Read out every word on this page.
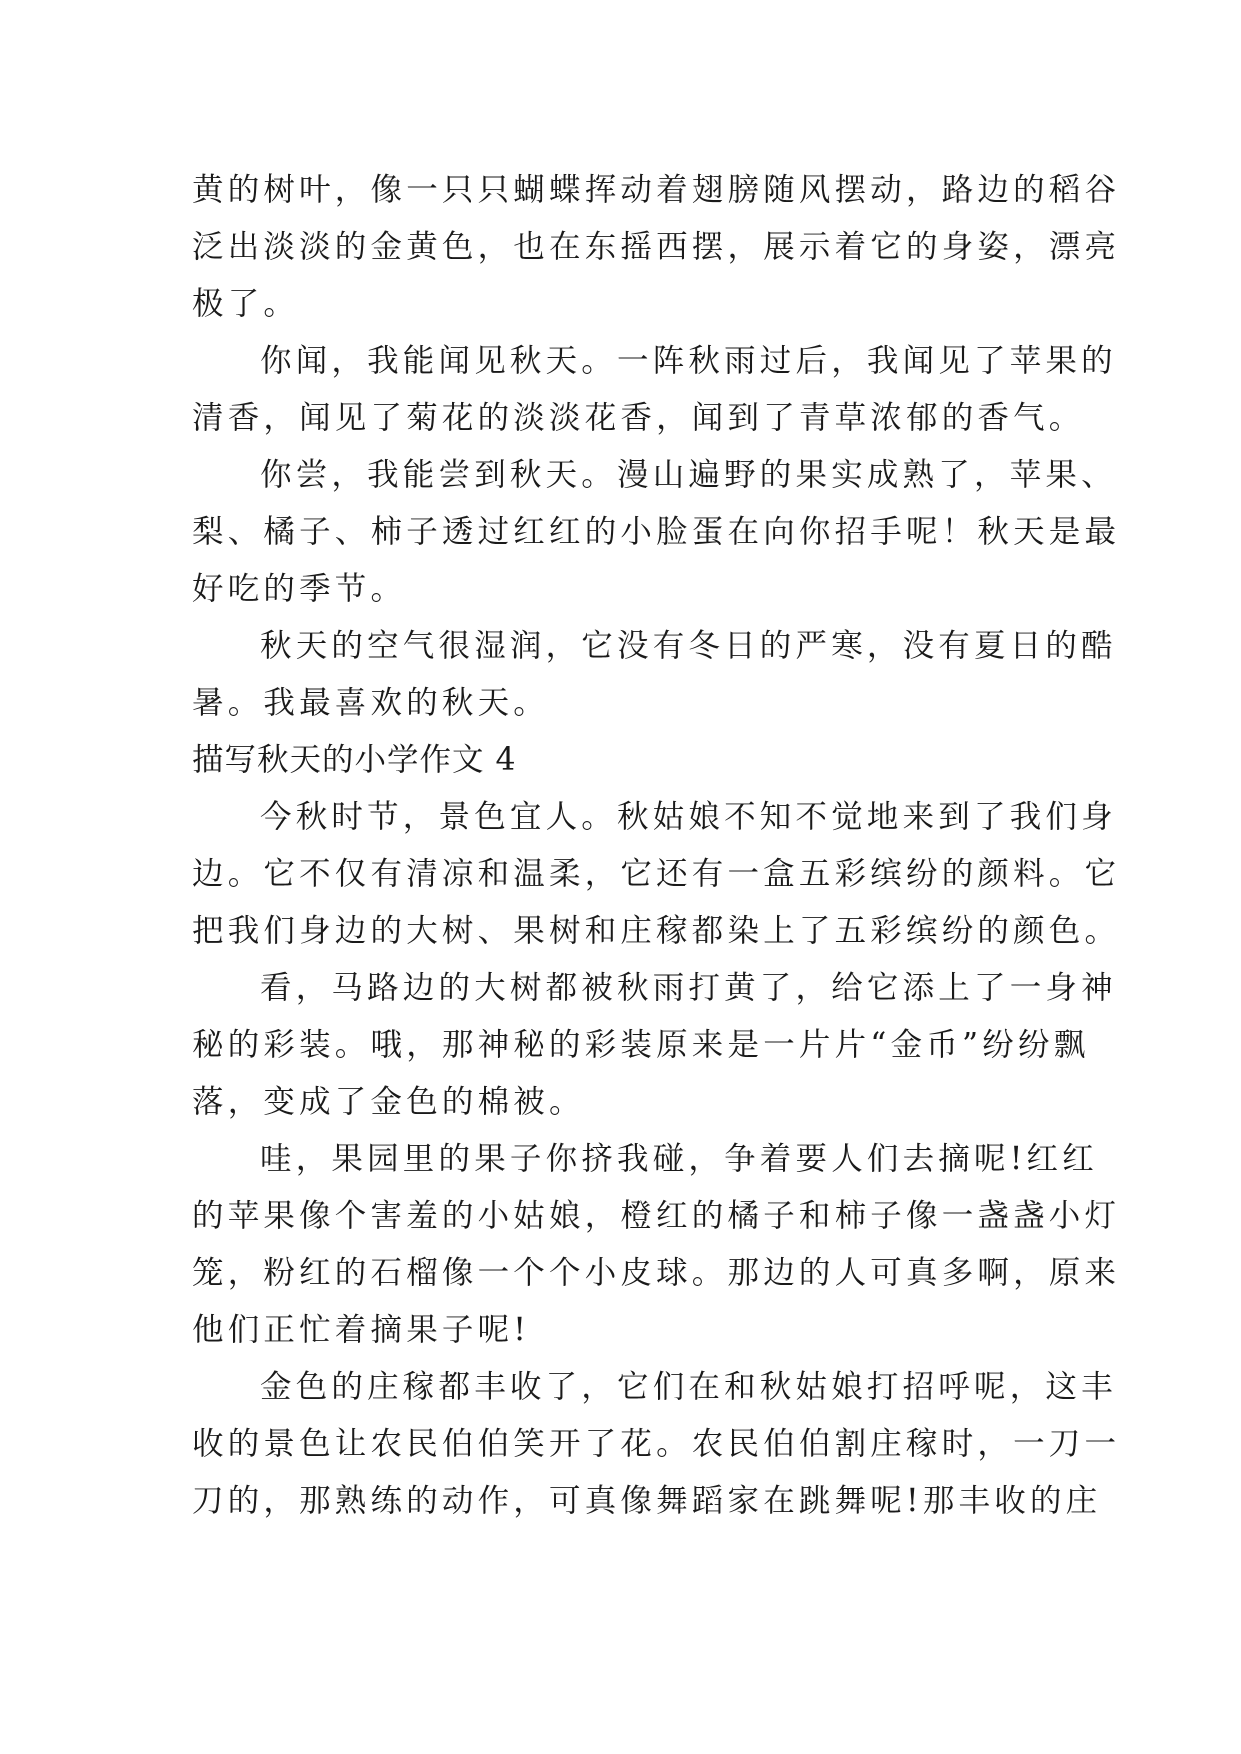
黄的树叶，像一只只蝴蝶挥动着翅膀随风摆动，路边的稻谷
泛出淡淡的金黄色，也在东摇西摆，展示着它的身姿，漂亮
极了。
你闻，我能闻见秋天。一阵秋雨过后，我闻见了苹果的
清香，闻见了菊花的淡淡花香，闻到了青草浓郁的香气。
你尝，我能尝到秋天。漫山遍野的果实成熟了，苹果、
梨、橘子、柿子透过红红的小脸蛋在向你招手呢！秋天是最
好吃的季节。
秋天的空气很湿润，它没有冬日的严寒，没有夏日的酷
暑。我最喜欢的秋天。
描写秋天的小学作文 4
今秋时节，景色宜人。秋姑娘不知不觉地来到了我们身
边。它不仅有清凉和温柔，它还有一盒五彩缤纷的颜料。它
把我们身边的大树、果树和庄稼都染上了五彩缤纷的颜色。
看，马路边的大树都被秋雨打黄了，给它添上了一身神
秘的彩装。哦，那神秘的彩装原来是一片片“金币”纷纷飘
落，变成了金色的棉被。
哇，果园里的果子你挤我碰，争着要人们去摘呢!红红
的苹果像个害羞的小姑娘，橙红的橘子和柿子像一盏盏小灯
笼，粉红的石榴像一个个小皮球。那边的人可真多啊，原来
他们正忙着摘果子呢!
金色的庄稼都丰收了，它们在和秋姑娘打招呼呢，这丰
收的景色让农民伯伯笑开了花。农民伯伯割庄稼时，一刀一
刀的，那熟练的动作，可真像舞蹈家在跳舞呢!那丰收的庄
